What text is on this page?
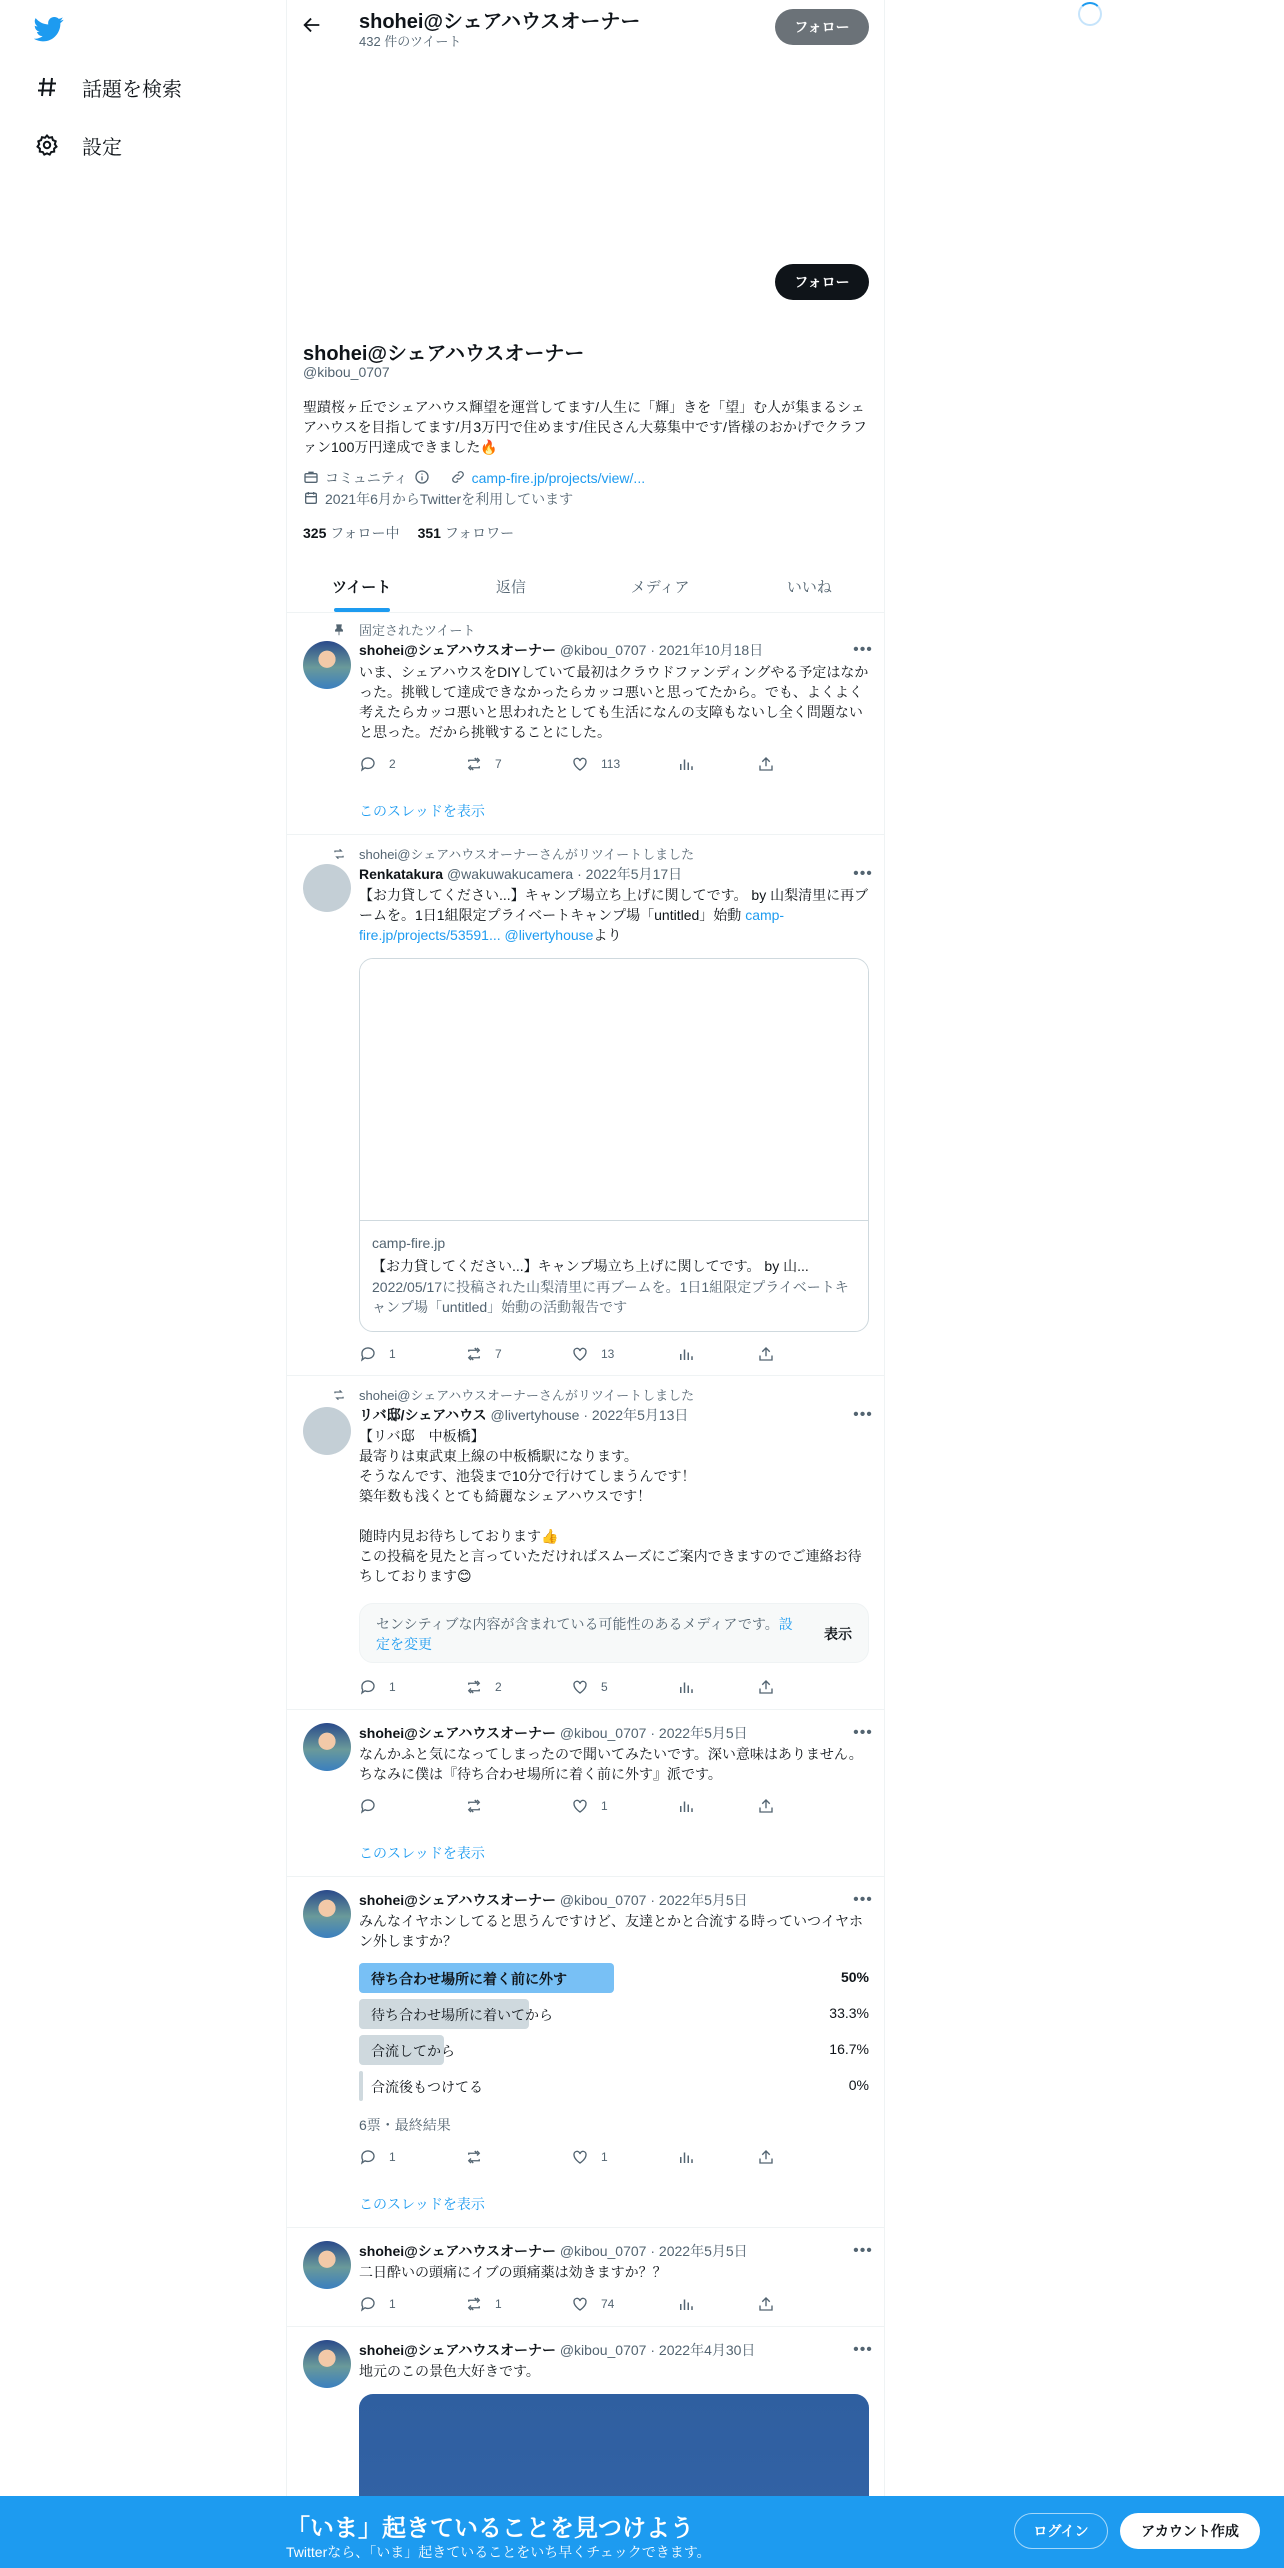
話題を検索
設定
shohei@シェアハウスオーナー
432 件のツイート
フォロー
フォロー
shohei@シェアハウスオーナー
@kibou_0707
聖蹟桜ヶ丘でシェアハウス輝望を運営してます/人生に「輝」きを「望」む人が集まるシェアハウスを目指してます/月3万円で住めます/住民さん大募集中です/皆様のおかげでクラファン100万円達成できました🔥
コミュニティ	camp-fire.jp/projects/view/...
2021年6月からTwitterを利用しています
325 フォロー中 351 フォロワー
ツイート	返信	メディア	いいね
固定されたツイート
shohei@シェアハウスオーナー @kibou_0707 · 2021年10月18日	•••
いま、シェアハウスをDIYしていて最初はクラウドファンディングやる予定はなかった。挑戦して達成できなかったらカッコ悪いと思ってたから。でも、よくよく考えたらカッコ悪いと思われたとしても生活になんの支障もないし全く問題ないと思った。だから挑戦することにした。
2	7	113
このスレッドを表示
shohei@シェアハウスオーナーさんがリツイートしました
Renkatakura @wakuwakucamera · 2022年5月17日	•••
【お力貸してください...】キャンプ場立ち上げに関してです。 by 山梨清里に再ブームを。1日1組限定プライベートキャンプ場「untitled」始動 camp-fire.jp/projects/53591... @livertyhouseより
camp-fire.jp
【お力貸してください...】キャンプ場立ち上げに関してです。 by 山...
2022/05/17に投稿された山梨清里に再ブームを。1日1組限定プライベートキャンプ場「untitled」始動の活動報告です
1	7	13
shohei@シェアハウスオーナーさんがリツイートしました
リバ邸/シェアハウス @livertyhouse · 2022年5月13日	•••
【リバ邸　中板橋】
最寄りは東武東上線の中板橋駅になります。
そうなんです、池袋まで10分で行けてしまうんです！
築年数も浅くとても綺麗なシェアハウスです！

随時内見お待ちしております👍
この投稿を見たと言っていただければスムーズにご案内できますのでご連絡お待ちしております😊
センシティブな内容が含まれている可能性のあるメディアです。設定を変更
表示
1	2	5
shohei@シェアハウスオーナー @kibou_0707 · 2022年5月5日	•••
なんかふと気になってしまったので聞いてみたいです。深い意味はありません。ちなみに僕は『待ち合わせ場所に着く前に外す』派です。
1
このスレッドを表示
shohei@シェアハウスオーナー @kibou_0707 · 2022年5月5日	•••
みんなイヤホンしてると思うんですけど、友達とかと合流する時っていつイヤホン外しますか？
待ち合わせ場所に着く前に外す	50%
待ち合わせ場所に着いてから	33.3%
合流してから	16.7%
合流後もつけてる	0%
6票・最終結果
1	1
このスレッドを表示
shohei@シェアハウスオーナー @kibou_0707 · 2022年5月5日	•••
二日酔いの頭痛にイブの頭痛薬は効きますか？？
1	1	74
shohei@シェアハウスオーナー @kibou_0707 · 2022年4月30日	•••
地元のこの景色大好きです。
「いま」起きていることを見つけよう
Twitterなら、「いま」起きていることをいち早くチェックできます。
ログイン	アカウント作成
